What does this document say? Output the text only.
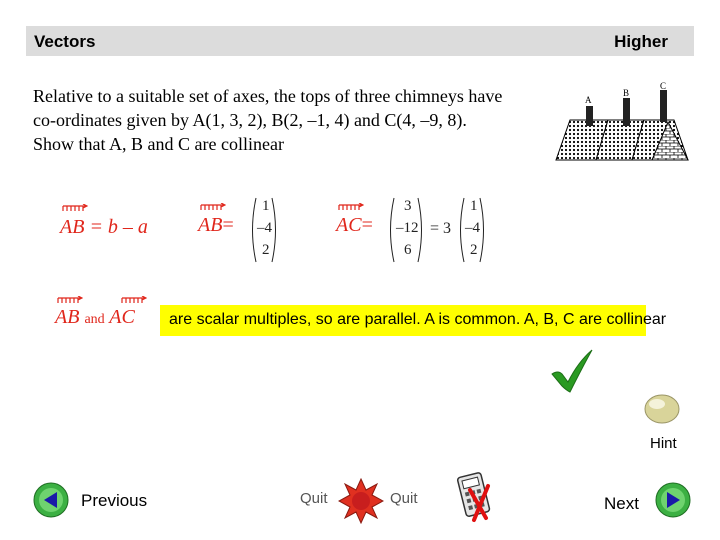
Vectors	Higher
Relative to a suitable set of axes, the tops of three chimneys have
co-ordinates given by A(1, 3, 2), B(2, –1, 4) and C(4, –9, 8).
Show that A, B and C are collinear
A
B
C
AB = b – a	AB=
1
–4
2
AC=
3
–12
6
= 3
1
–4
2
AB and AC are scalar multiples, so are parallel. A is common. A, B, C are collinear
Hint
Previous	Quit	Quit	Next
